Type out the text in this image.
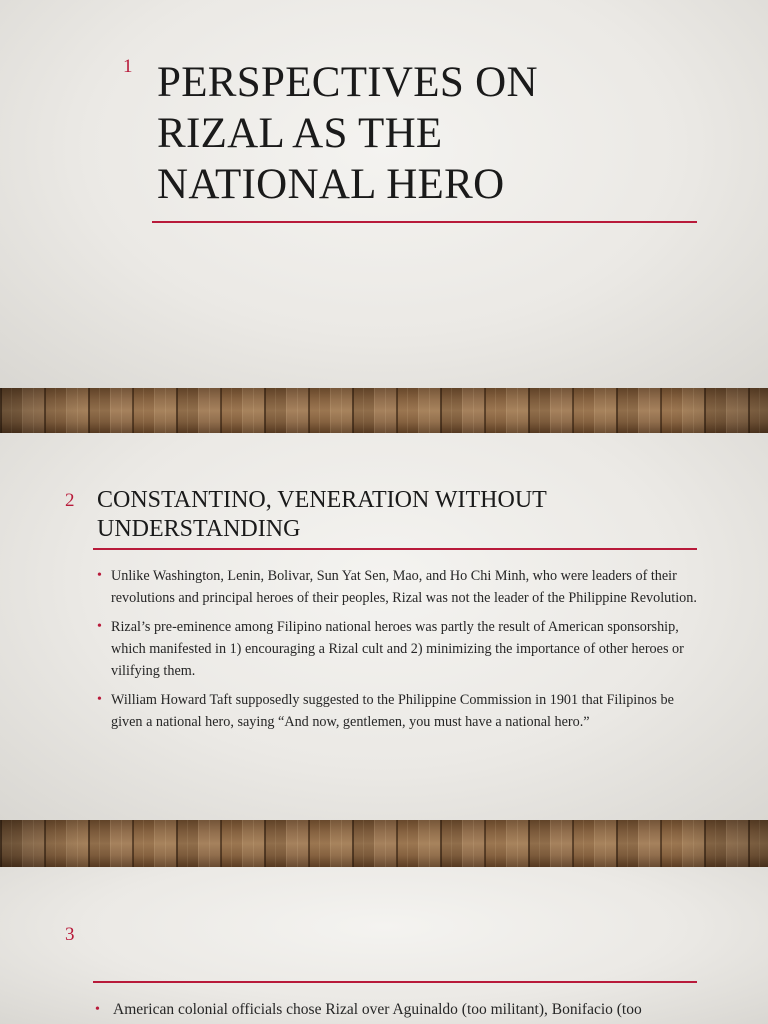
1 PERSPECTIVES ON
RIZAL AS THE
NATIONAL HERO
2 CONSTANTINO, VENERATION WITHOUT
UNDERSTANDING
• Unlike Washington, Lenin, Bolivar, Sun Yat Sen, Mao, and Ho Chi Minh, who were leaders of their revolutions and principal heroes of their peoples, Rizal was not the leader of the Philippine Revolution.
• Rizal’s pre-eminence among Filipino national heroes was partly the result of American sponsorship, which manifested in 1) encouraging a Rizal cult and 2) minimizing the importance of other heroes or vilifying them.
• William Howard Taft supposedly suggested to the Philippine Commission in 1901 that Filipinos be given a national hero, saying “And now, gentlemen, you must have a national hero.”
3
• American colonial officials chose Rizal over Aguinaldo (too militant), Bonifacio (too
